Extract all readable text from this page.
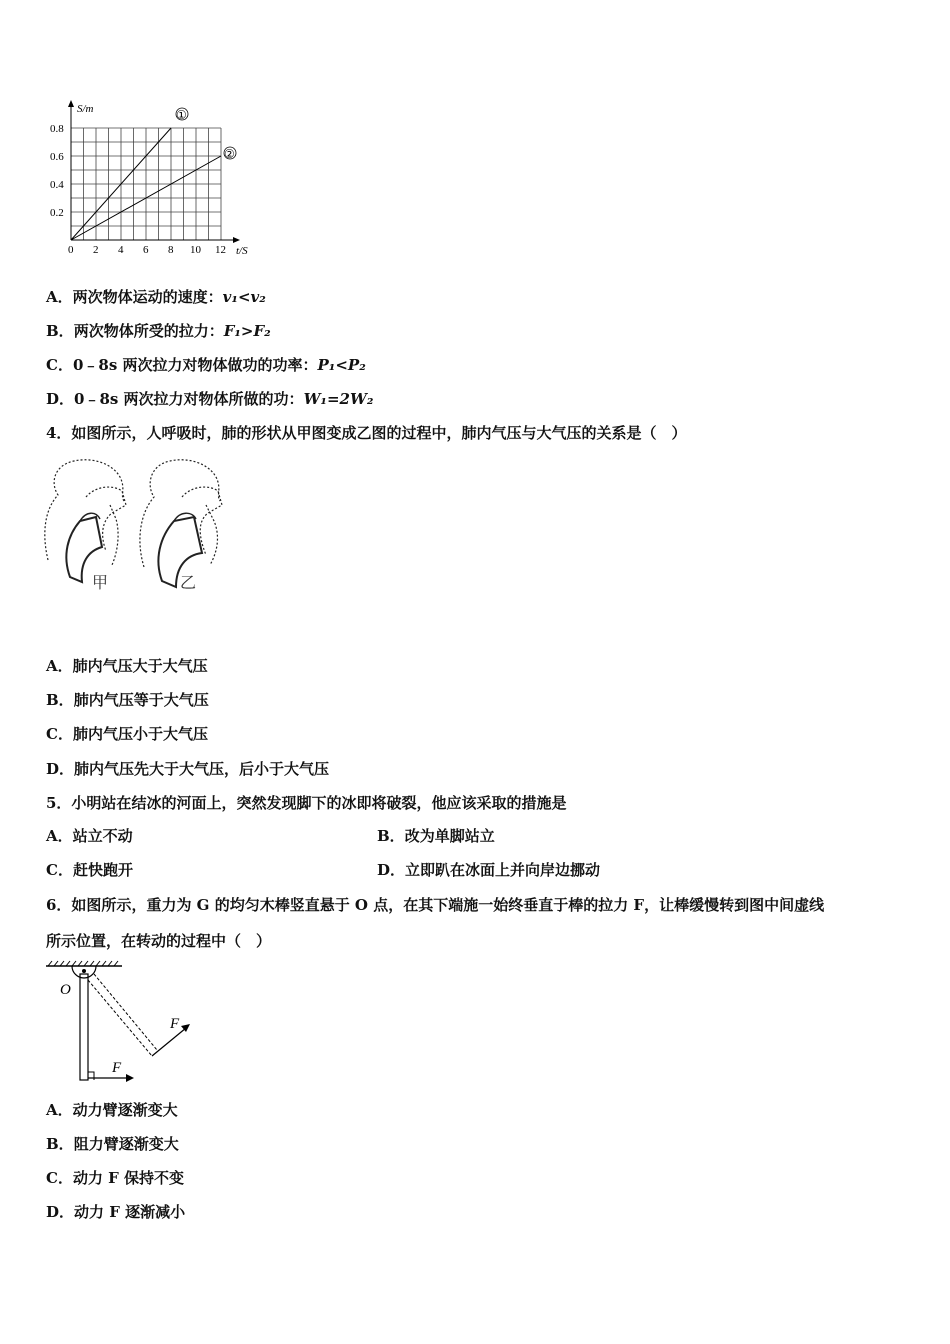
S/m
t/S
0.8
0.6
0.4
0.2
0 2 4 6 8 10 12
①
②
A．两次物体运动的速度：v₁<v₂
B．两次物体所受的拉力：F₁>F₂
C．0﹣8s 两次拉力对物体做功的功率：P₁<P₂
D．0﹣8s 两次拉力对物体所做的功：W₁=2W₂
4．如图所示，人呼吸时，肺的形状从甲图变成乙图的过程中，肺内气压与大气压的关系是（　）
甲	乙
A．肺内气压大于大气压
B．肺内气压等于大气压
C．肺内气压小于大气压
D．肺内气压先大于大气压，后小于大气压
5．小明站在结冰的河面上，突然发现脚下的冰即将破裂，他应该采取的措施是
A．站立不动	B．改为单脚站立
C．赶快跑开	D．立即趴在冰面上并向岸边挪动
6．如图所示，重力为 G 的均匀木棒竖直悬于 O 点，在其下端施一始终垂直于棒的拉力 F，让棒缓慢转到图中间虚线
所示位置，在转动的过程中（　）
O
F
F
A．动力臂逐渐变大
B．阻力臂逐渐变大
C．动力 F 保持不变
D．动力 F 逐渐减小
